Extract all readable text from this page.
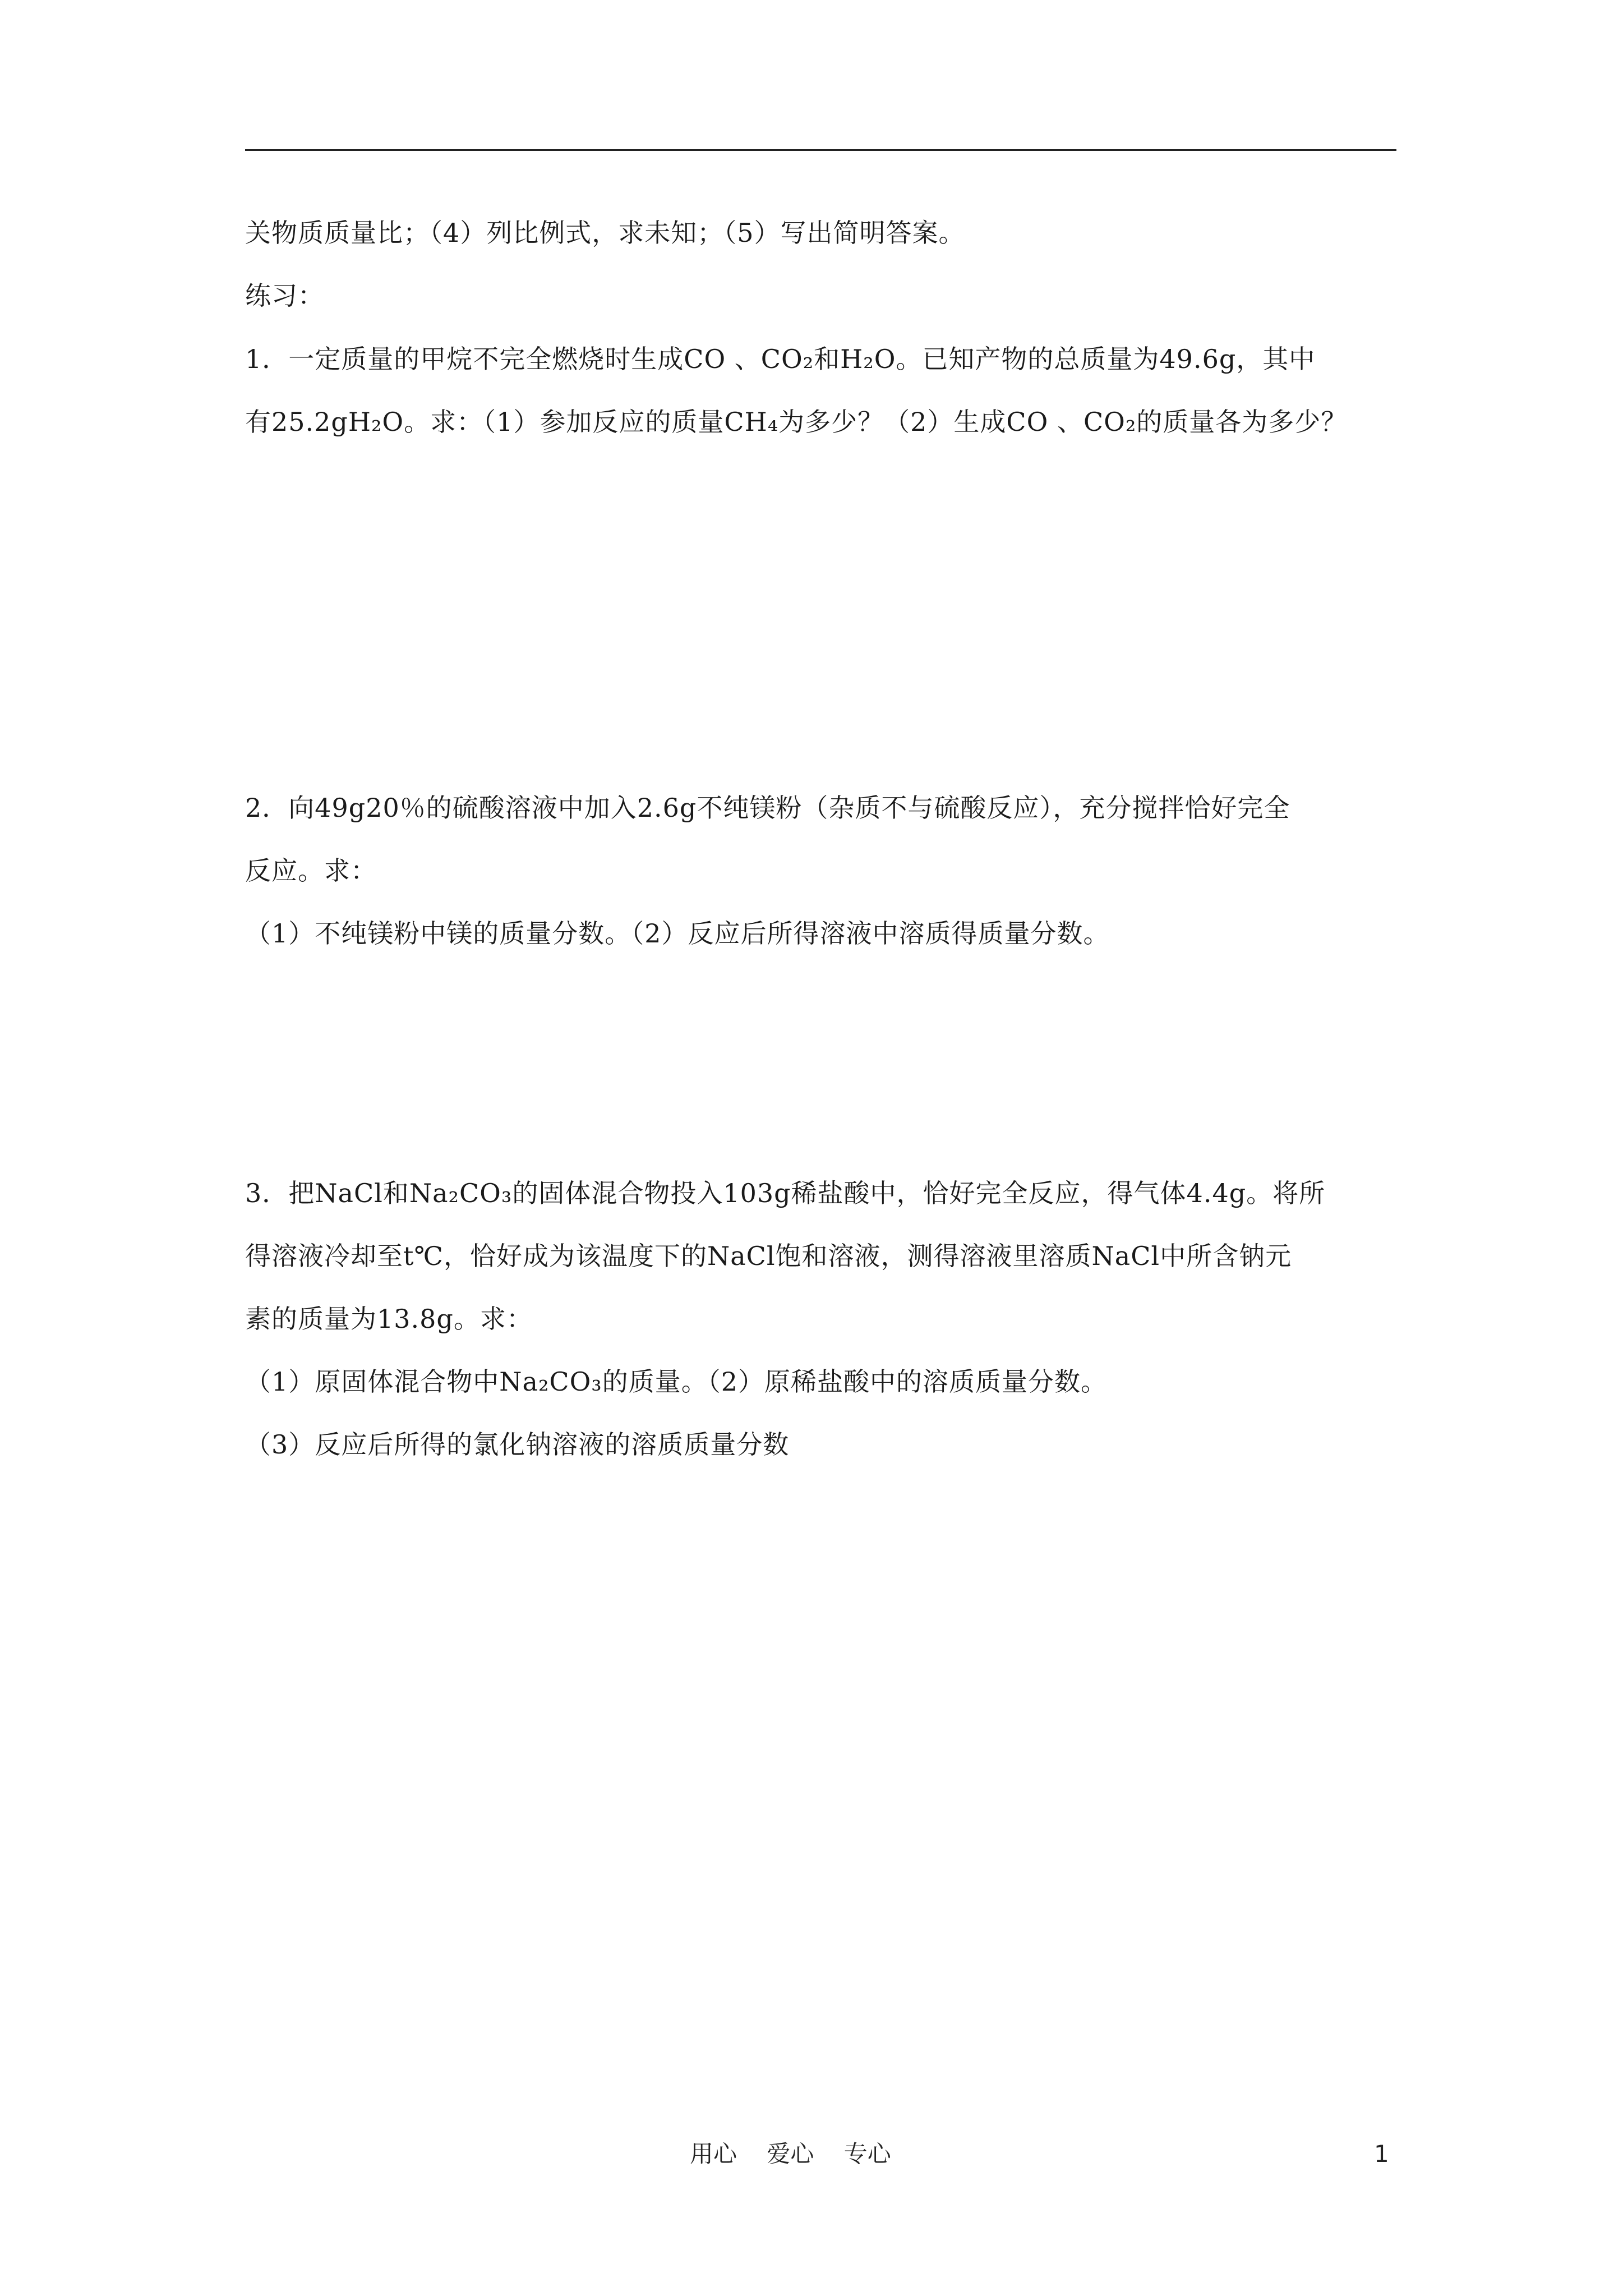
关物质质量比；（4）列比例式，求未知；（5）写出简明答案。
练习：
1．一定质量的甲烷不完全燃烧时生成CO 、CO₂和H₂O。已知产物的总质量为49.6g，其中
有25.2gH₂O。求：（1）参加反应的质量CH₄为多少？（2）生成CO 、CO₂的质量各为多少？
2．向49g20％的硫酸溶液中加入2.6g不纯镁粉（杂质不与硫酸反应），充分搅拌恰好完全
反应。求：
（1）不纯镁粉中镁的质量分数。（2）反应后所得溶液中溶质得质量分数。
3．把NaCl和Na₂CO₃的固体混合物投入103g稀盐酸中，恰好完全反应，得气体4.4g。将所
得溶液冷却至t℃，恰好成为该温度下的NaCl饱和溶液，测得溶液里溶质NaCl中所含钠元
素的质量为13.8g。求：
（1）原固体混合物中Na₂CO₃的质量。（2）原稀盐酸中的溶质质量分数。
（3）反应后所得的氯化钠溶液的溶质质量分数
用心 爱心 专心	1
